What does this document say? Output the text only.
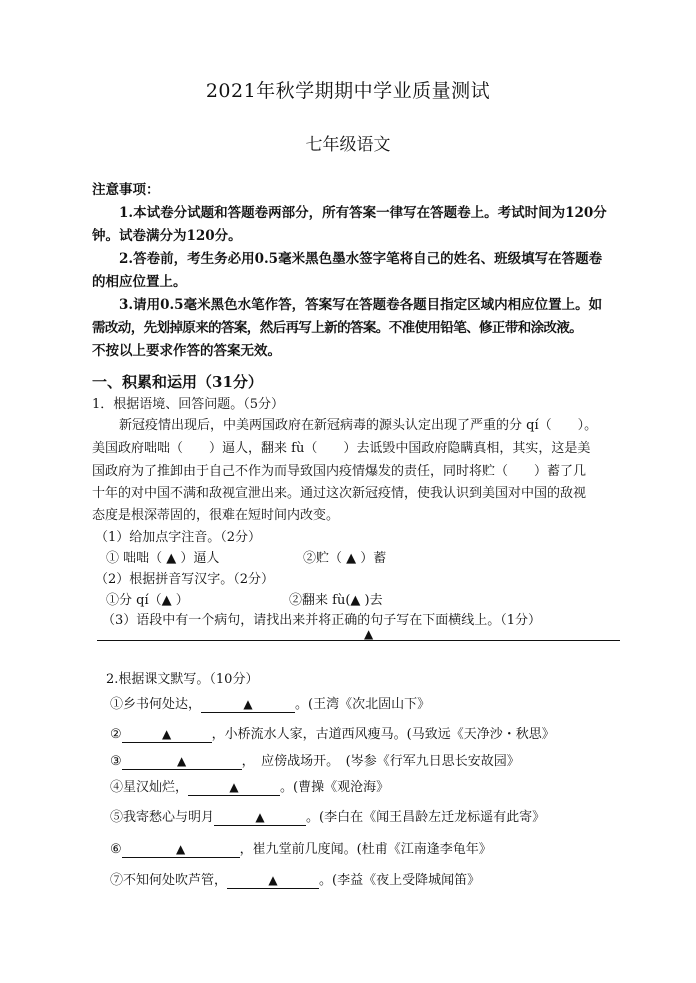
2021年秋学期期中学业质量测试
七年级语文
注意事项：
1.本试卷分试题和答题卷两部分，所有答案一律写在答题卷上。考试时间为120分
钟。试卷满分为120分。
2.答卷前，考生务必用0.5毫米黑色墨水签字笔将自己的姓名、班级填写在答题卷
的相应位置上。
3.请用0.5毫米黑色水笔作答，答案写在答题卷各题目指定区域内相应位置上。如
需改动，先划掉原来的答案，然后再写上新的答案。不准使用铅笔、修正带和涂改液。
不按以上要求作答的答案无效。
一、积累和运用（31分）
1．根据语境、回答问题。（5分）
新冠疫情出现后，中美两国政府在新冠病毒的源头认定出现了严重的分 qí（　　）。
美国政府咄咄（　　）逼人，翻来 fù（　　）去诋毁中国政府隐瞒真相，其实，这是美
国政府为了推卸由于自己不作为而导致国内疫情爆发的责任，同时将贮（　　）蓄了几
十年的对中国不满和敌视宣泄出来。通过这次新冠疫情，使我认识到美国对中国的敌视
态度是根深蒂固的，很难在短时间内改变。
（1）给加点字注音。（2分）
① 咄咄（ ▲ ）逼人	②贮（ ▲ ）蓄
（2）根据拼音写汉字。（2分）
①分 qí（▲ ）	②翻来 fù(▲ )去
（3）语段中有一个病句，请找出来并将正确的句子写在下面横线上。（1分）
▲
2.根据课文默写。（10分）
①乡书何处达，	▲	。(王湾《次北固山下》
②	▲	，小桥流水人家，古道西风瘦马。(马致远《天净沙・秋思》
③	▲	，　应傍战场开。　(岑参《行军九日思长安故园》
④星汉灿烂，	▲	。(曹操《观沧海》
⑤我寄愁心与明月	▲	。(李白在《闻王昌龄左迁龙标遥有此寄》
⑥	▲	，崔九堂前几度闻。(杜甫《江南逢李龟年》
⑦不知何处吹芦管，	▲	。(李益《夜上受降城闻笛》
